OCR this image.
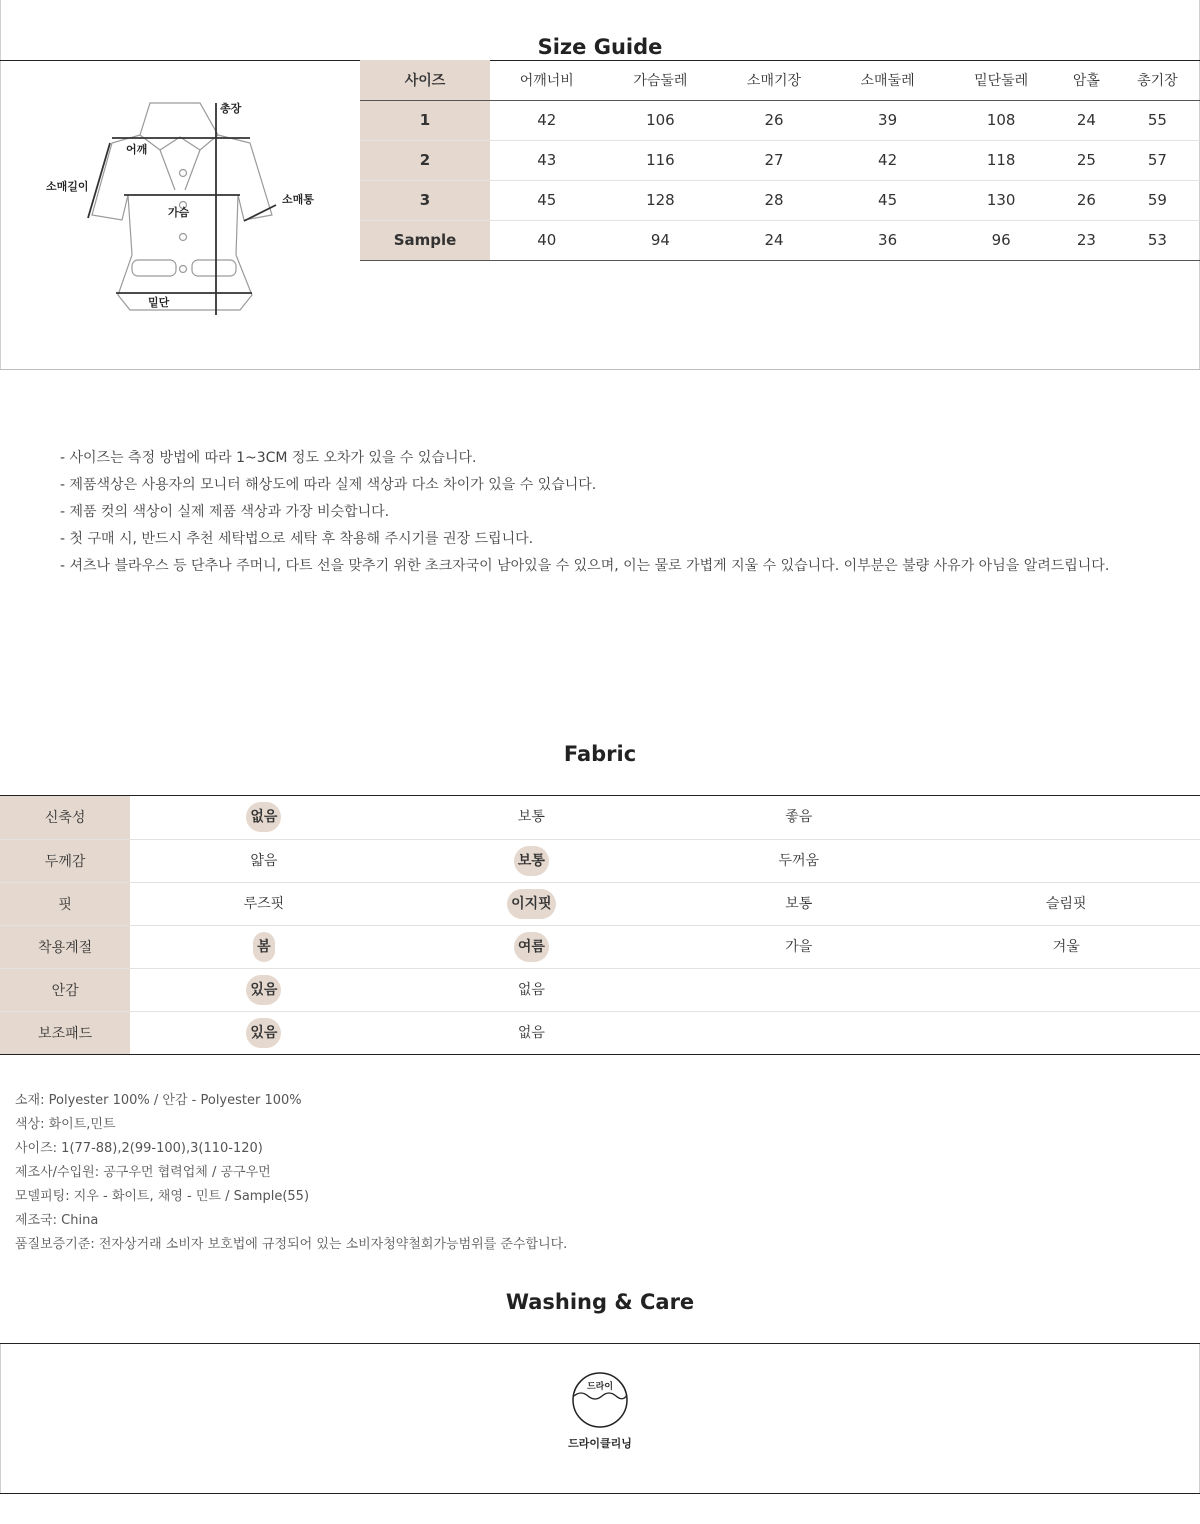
Size Guide
총장
어깨
소매길이
소매통
가슴
밑단
사이즈	어깨너비	가슴둘레	소매기장	소매둘레	밑단둘레	암홀	총기장
1	42	106	26	39	108	24	55
2	43	116	27	42	118	25	57
3	45	128	28	45	130	26	59
Sample	40	94	24	36	96	23	53
- 사이즈는 측정 방법에 따라 1~3CM 정도 오차가 있을 수 있습니다.
- 제품색상은 사용자의 모니터 해상도에 따라 실제 색상과 다소 차이가 있을 수 있습니다.
- 제품 컷의 색상이 실제 제품 색상과 가장 비슷합니다.
- 첫 구매 시, 반드시 추천 세탁법으로 세탁 후 착용해 주시기를 권장 드립니다.
- 셔츠나 블라우스 등 단추나 주머니, 다트 선을 맞추기 위한 초크자국이 남아있을 수 있으며, 이는 물로 가볍게 지울 수 있습니다. 이부분은 불량 사유가 아님을 알려드립니다.
Fabric
신축성	없음	보통	좋음	
두께감	얇음	보통	두꺼움	
핏	루즈핏	이지핏	보통	슬림핏
착용계절	봄	여름	가을	겨울
안감	있음	없음		
보조패드	있음	없음		
소재: Polyester 100% / 안감 - Polyester 100%
색상: 화이트,민트
사이즈: 1(77-88),2(99-100),3(110-120)
제조사/수입원: 공구우먼 협력업체 / 공구우먼
모델피팅: 지우 - 화이트, 채영 - 민트 / Sample(55)
제조국: China
품질보증기준: 전자상거래 소비자 보호법에 규정되어 있는 소비자청약철회가능범위를 준수합니다.
Washing & Care
드라이
드라이클리닝
